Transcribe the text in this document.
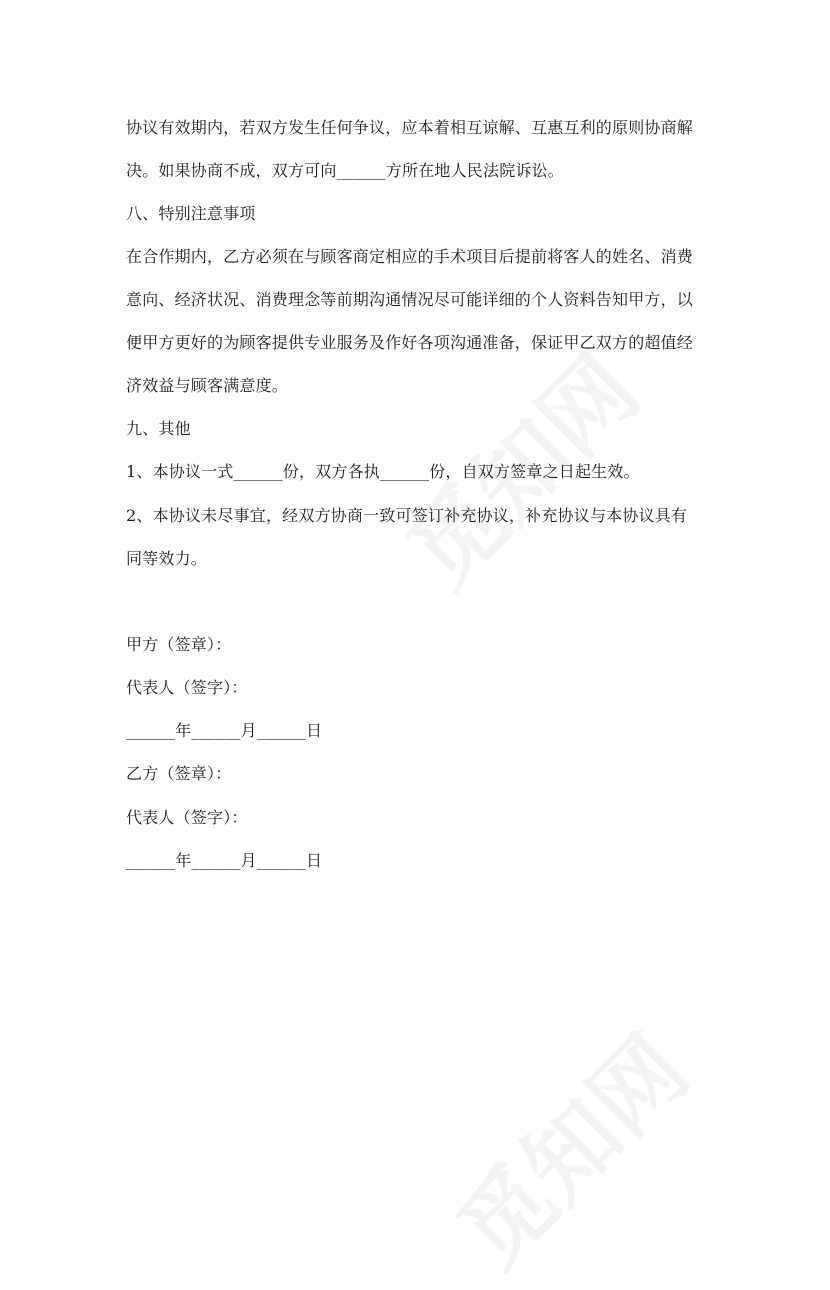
协议有效期内，若双方发生任何争议，应本着相互谅解、互惠互利的原则协商解
决。如果协商不成，双方可向______方所在地人民法院诉讼。
八、特别注意事项
在合作期内，乙方必须在与顾客商定相应的手术项目后提前将客人的姓名、消费
意向、经济状况、消费理念等前期沟通情况尽可能详细的个人资料告知甲方，以
便甲方更好的为顾客提供专业服务及作好各项沟通准备，保证甲乙双方的超值经
济效益与顾客满意度。
九、其他
1、本协议一式______份，双方各执______份，自双方签章之日起生效。
2、本协议未尽事宜，经双方协商一致可签订补充协议，补充协议与本协议具有
同等效力。
甲方（签章）：
代表人（签字）：
______年______月______日
乙方（签章）：
代表人（签字）：
______年______月______日
